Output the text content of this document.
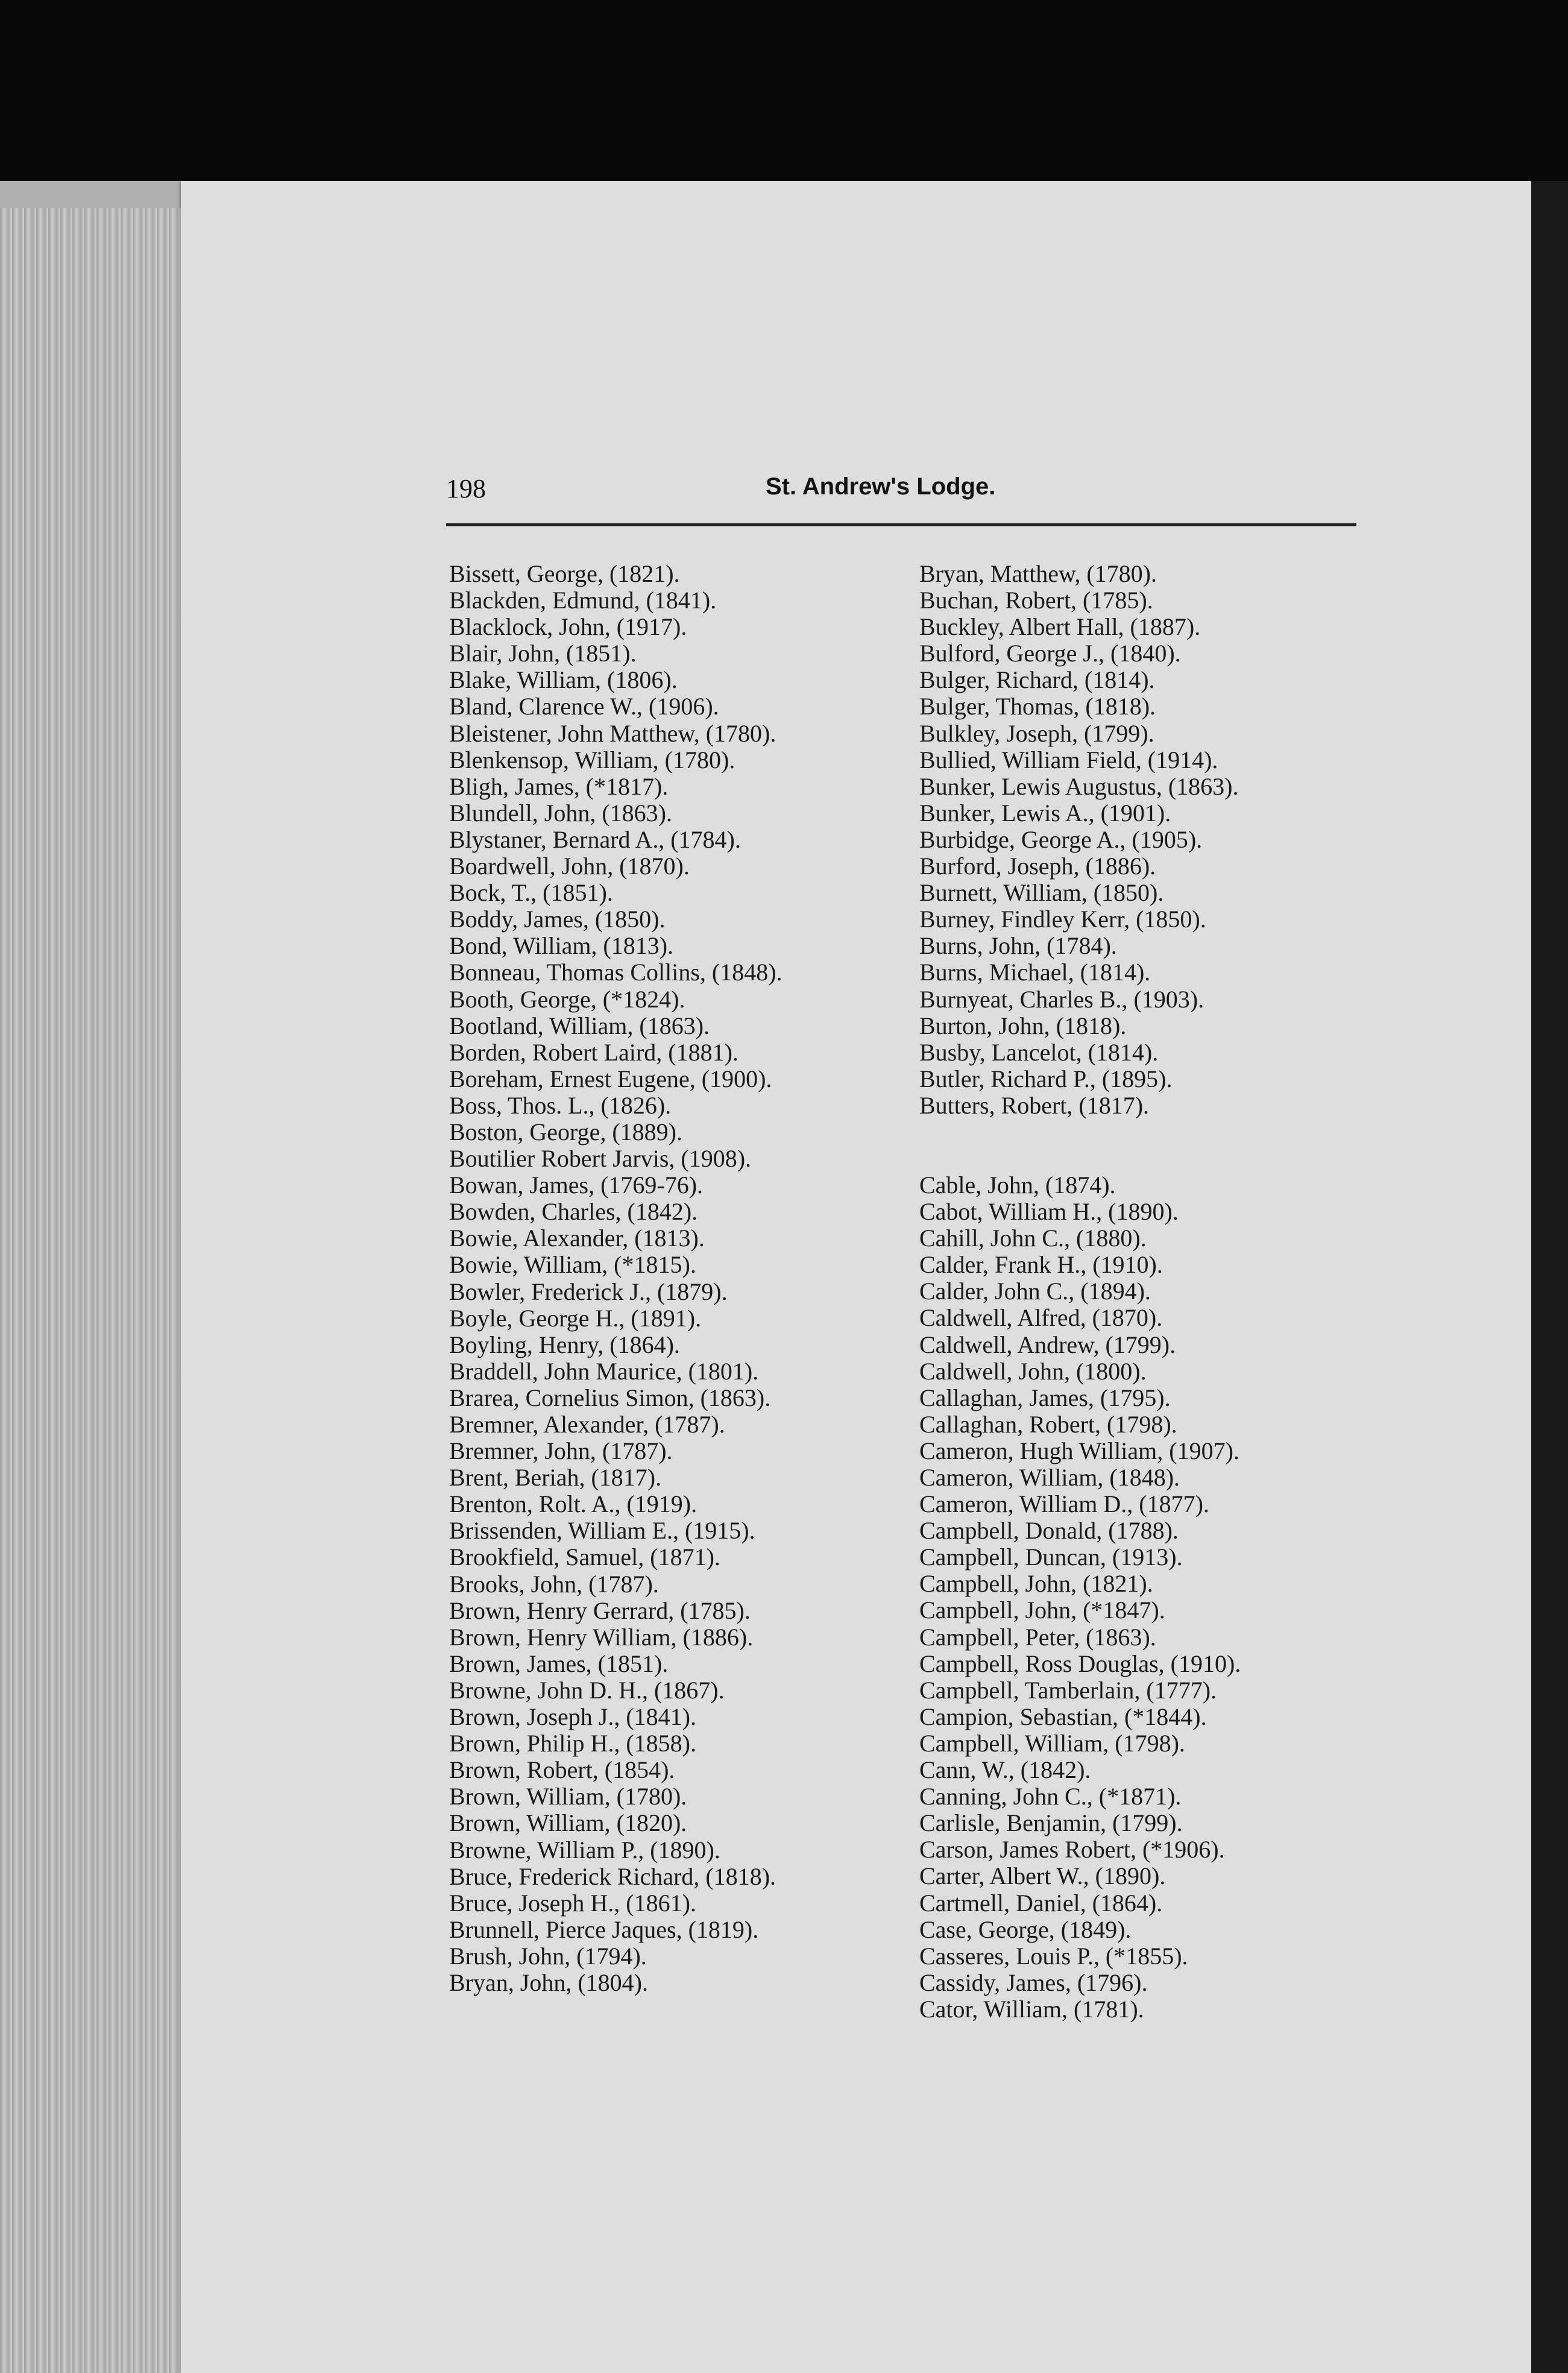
198	St. Andrew's Lodge.
Bissett, George, (1821).
Blackden, Edmund, (1841).
Blacklock, John, (1917).
Blair, John, (1851).
Blake, William, (1806).
Bland, Clarence W., (1906).
Bleistener, John Matthew, (1780).
Blenkensop, William, (1780).
Bligh, James, (*1817).
Blundell, John, (1863).
Blystaner, Bernard A., (1784).
Boardwell, John, (1870).
Bock, T., (1851).
Boddy, James, (1850).
Bond, William, (1813).
Bonneau, Thomas Collins, (1848).
Booth, George, (*1824).
Bootland, William, (1863).
Borden, Robert Laird, (1881).
Boreham, Ernest Eugene, (1900).
Boss, Thos. L., (1826).
Boston, George, (1889).
Boutilier Robert Jarvis, (1908).
Bowan, James, (1769-76).
Bowden, Charles, (1842).
Bowie, Alexander, (1813).
Bowie, William, (*1815).
Bowler, Frederick J., (1879).
Boyle, George H., (1891).
Boyling, Henry, (1864).
Braddell, John Maurice, (1801).
Brarea, Cornelius Simon, (1863).
Bremner, Alexander, (1787).
Bremner, John, (1787).
Brent, Beriah, (1817).
Brenton, Rolt. A., (1919).
Brissenden, William E., (1915).
Brookfield, Samuel, (1871).
Brooks, John, (1787).
Brown, Henry Gerrard, (1785).
Brown, Henry William, (1886).
Brown, James, (1851).
Browne, John D. H., (1867).
Brown, Joseph J., (1841).
Brown, Philip H., (1858).
Brown, Robert, (1854).
Brown, William, (1780).
Brown, William, (1820).
Browne, William P., (1890).
Bruce, Frederick Richard, (1818).
Bruce, Joseph H., (1861).
Brunnell, Pierce Jaques, (1819).
Brush, John, (1794).
Bryan, John, (1804).
Bryan, Matthew, (1780).
Buchan, Robert, (1785).
Buckley, Albert Hall, (1887).
Bulford, George J., (1840).
Bulger, Richard, (1814).
Bulger, Thomas, (1818).
Bulkley, Joseph, (1799).
Bullied, William Field, (1914).
Bunker, Lewis Augustus, (1863).
Bunker, Lewis A., (1901).
Burbidge, George A., (1905).
Burford, Joseph, (1886).
Burnett, William, (1850).
Burney, Findley Kerr, (1850).
Burns, John, (1784).
Burns, Michael, (1814).
Burnyeat, Charles B., (1903).
Burton, John, (1818).
Busby, Lancelot, (1814).
Butler, Richard P., (1895).
Butters, Robert, (1817).
Cable, John, (1874).
Cabot, William H., (1890).
Cahill, John C., (1880).
Calder, Frank H., (1910).
Calder, John C., (1894).
Caldwell, Alfred, (1870).
Caldwell, Andrew, (1799).
Caldwell, John, (1800).
Callaghan, James, (1795).
Callaghan, Robert, (1798).
Cameron, Hugh William, (1907).
Cameron, William, (1848).
Cameron, William D., (1877).
Campbell, Donald, (1788).
Campbell, Duncan, (1913).
Campbell, John, (1821).
Campbell, John, (*1847).
Campbell, Peter, (1863).
Campbell, Ross Douglas, (1910).
Campbell, Tamberlain, (1777).
Campion, Sebastian, (*1844).
Campbell, William, (1798).
Cann, W., (1842).
Canning, John C., (*1871).
Carlisle, Benjamin, (1799).
Carson, James Robert, (*1906).
Carter, Albert W., (1890).
Cartmell, Daniel, (1864).
Case, George, (1849).
Casseres, Louis P., (*1855).
Cassidy, James, (1796).
Cator, William, (1781).
